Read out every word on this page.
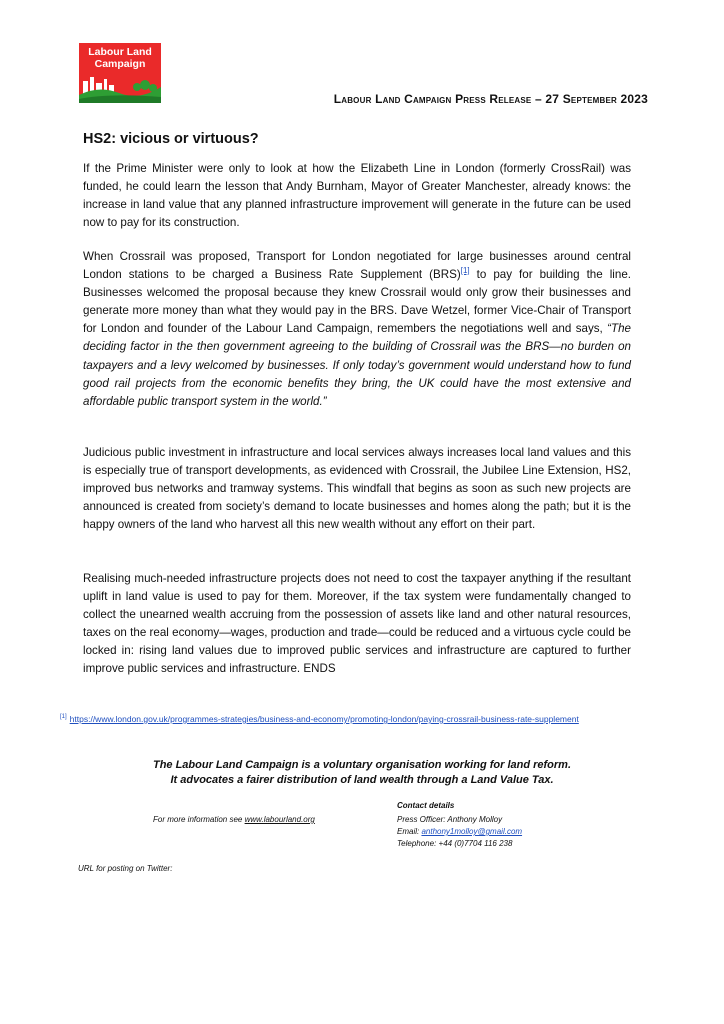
Labour Land
Campaign
Labour Land Campaign Press Release – 27 September 2023
HS2: vicious or virtuous?

If the Prime Minister were only to look at how the Elizabeth Line in London (formerly CrossRail) was funded, he could learn the lesson that Andy Burnham, Mayor of Greater Manchester, already knows: the increase in land value that any planned infrastructure improvement will generate in the future can be used now to pay for its construction.

When Crossrail was proposed, Transport for London negotiated for large businesses around central London stations to be charged a Business Rate Supplement (BRS)[1] to pay for building the line. Businesses welcomed the proposal because they knew Crossrail would only grow their businesses and generate more money than what they would pay in the BRS. Dave Wetzel, former Vice-Chair of Transport for London and founder of the Labour Land Campaign, remembers the negotiations well and says, “The deciding factor in the then government agreeing to the building of Crossrail was the BRS—no burden on taxpayers and a levy welcomed by businesses. If only today’s government would understand how to fund good rail projects from the economic benefits they bring, the UK could have the most extensive and affordable public transport system in the world.”

Judicious public investment in infrastructure and local services always increases local land values and this is especially true of transport developments, as evidenced with Crossrail, the Jubilee Line Extension, HS2, improved bus networks and tramway systems. This windfall that begins as soon as such new projects are announced is created from society’s demand to locate businesses and homes along the path; but it is the happy owners of the land who harvest all this new wealth without any effort on their part.

Realising much-needed infrastructure projects does not need to cost the taxpayer anything if the resultant uplift in land value is used to pay for them. Moreover, if the tax system were fundamentally changed to collect the unearned wealth accruing from the possession of assets like land and other natural resources, taxes on the real economy—wages, production and trade—could be reduced and a virtuous cycle could be locked in: rising land values due to improved public services and infrastructure are captured to further improve public services and infrastructure. ENDS

[1] https://www.london.gov.uk/programmes-strategies/business-and-economy/promoting-london/paying-crossrail-business-rate-supplement
The Labour Land Campaign is a voluntary organisation working for land reform.
It advocates a fairer distribution of land wealth through a Land Value Tax.
For more information see www.labourland.org
Contact details
Press Officer: Anthony Molloy
Email: anthony1molloy@gmail.com
Telephone: +44 (0)7704 116 238
URL for posting on Twitter:
